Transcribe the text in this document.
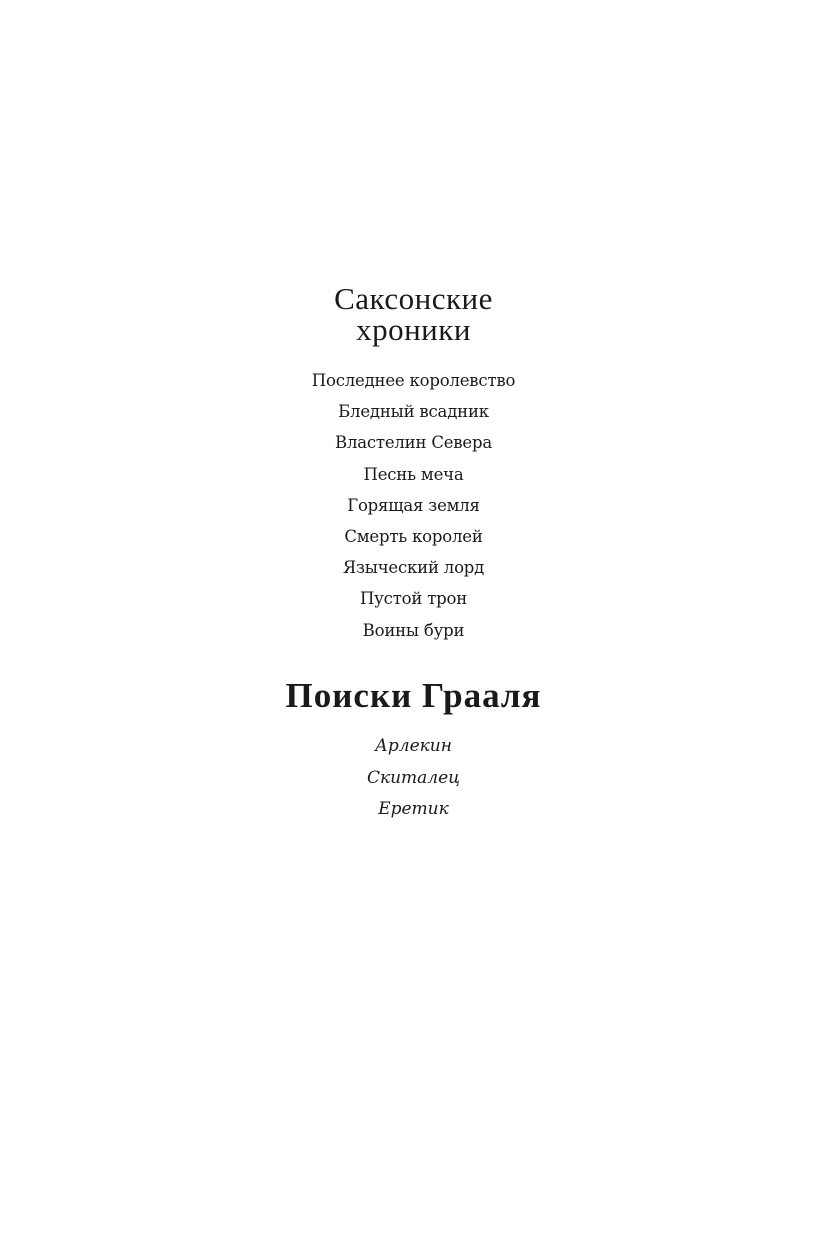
Саксонские
хроники
Последнее королевство
Бледный всадник
Властелин Севера
Песнь меча
Горящая земля
Смерть королей
Языческий лорд
Пустой трон
Воины бури
Поиски Грааля
Арлекин
Скиталец
Еретик
